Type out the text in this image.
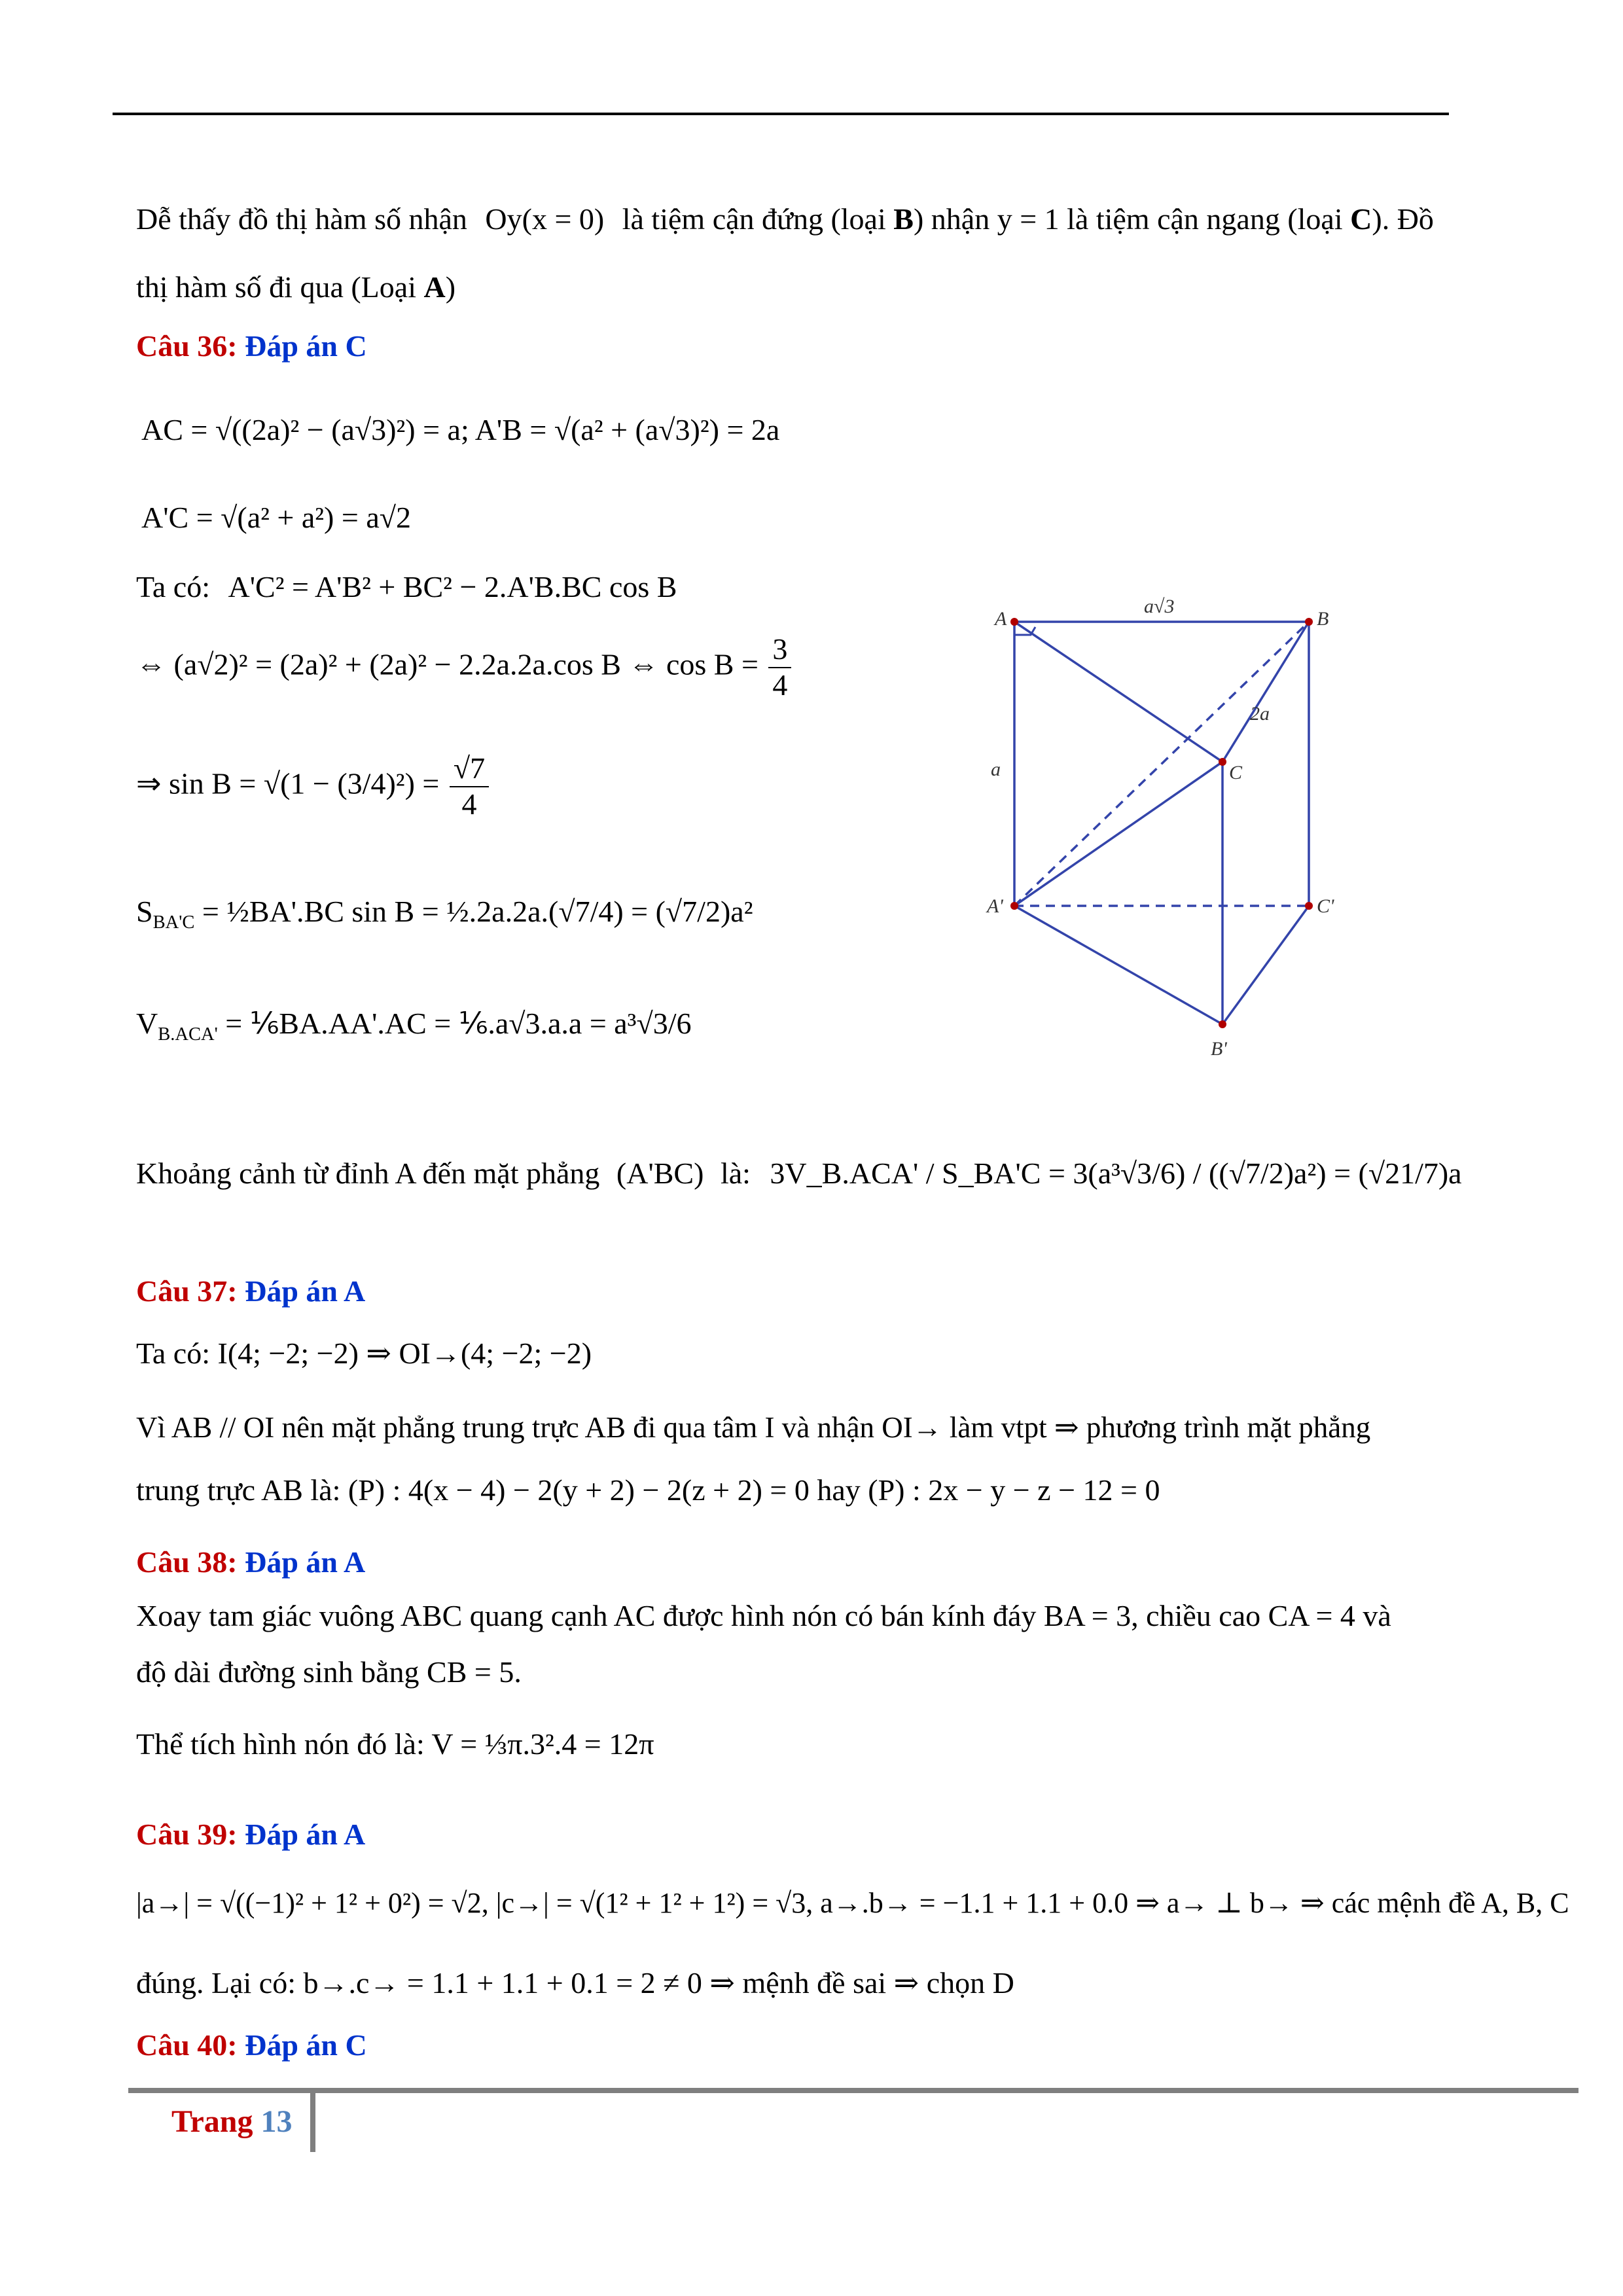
Dễ thấy đồ thị hàm số nhận Oy(x = 0) là tiệm cận đứng (loại B) nhận y = 1 là tiệm cận ngang (loại C). Đồ
thị hàm số đi qua (Loại A)
Câu 36: Đáp án C
AC = √((2a)² − (a√3)²) = a; A'B = √(a² + (a√3)²) = 2a
A'C = √(a² + a²) = a√2
Ta có: A'C² = A'B² + BC² − 2.A'B.BC cos B
⇔ (a√2)² = (2a)² + (2a)² − 2.2a.2a.cos B ⇔ $\cos B = \frac{3}{4}$
⇒ $\sin B = √(1 - (3/4)^2) = \frac{√7}{4}$
$S_{BA'C}$ = ½BA'.BC sin B = ½.2a.2a.(√7/4) = (√7/2)a²
$V_{B.ACA'}$ = ⅙BA.AA'.AC = ⅙.a√3.a.a = a³√3/6
Khoảng cảnh từ đỉnh A đến mặt phẳng (A'BC) là: 3V_B.ACA' / S_BA'C = 3(a³√3/6) / ((√7/2)a²) = (√21/7)a
A	B
C
A'
B'
C'
a√3
a
2a
Câu 37: Đáp án A
Ta có: I(4; −2; −2) ⇒ OI→(4; −2; −2)
Vì AB // OI nên mặt phẳng trung trực AB đi qua tâm I và nhận OI→ làm vtpt ⇒ phương trình mặt phẳng
trung trực AB là: (P) : 4(x − 4) − 2(y + 2) − 2(z + 2) = 0 hay (P) : 2x − y − z − 12 = 0
Câu 38: Đáp án A
Xoay tam giác vuông ABC quang cạnh AC được hình nón có bán kính đáy BA = 3, chiều cao CA = 4 và
độ dài đường sinh bằng CB = 5.
Thể tích hình nón đó là: V = ⅓π.3².4 = 12π
Câu 39: Đáp án A
|a→| = √((−1)² + 1² + 0²) = √2, |c→| = √(1² + 1² + 1²) = √3, a→.b→ = −1.1 + 1.1 + 0.0 ⇒ a→ ⊥ b→ ⇒ các mệnh đề A, B, C
đúng. Lại có: b→.c→ = 1.1 + 1.1 + 0.1 = 2 ≠ 0 ⇒ mệnh đề sai ⇒ chọn D
Câu 40: Đáp án C
Trang 13
